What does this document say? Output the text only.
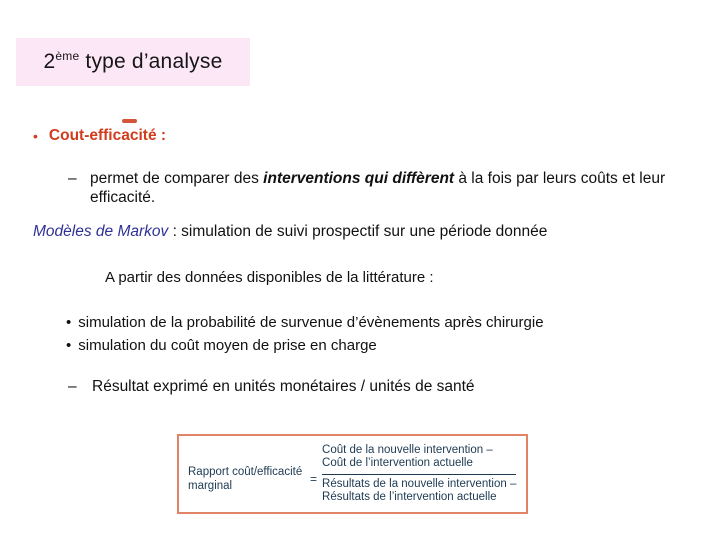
2ème type d’analyse
• Cout-efficacité :
– permet de comparer des interventions qui diffèrent à la fois par leurs coûts et leur efficacité.
Modèles de Markov : simulation de suivi prospectif sur une période donnée
A partir des données disponibles de la littérature :
• simulation de la probabilité de survenue d’évènements après chirurgie
• simulation du coût moyen de prise en charge
– Résultat exprimé en unités monétaires / unités de santé
Rapport coût/efficacité
marginal	=
Coût de la nouvelle intervention –
Coût de l’intervention actuelle
Résultats de la nouvelle intervention –
Résultats de l’intervention actuelle
